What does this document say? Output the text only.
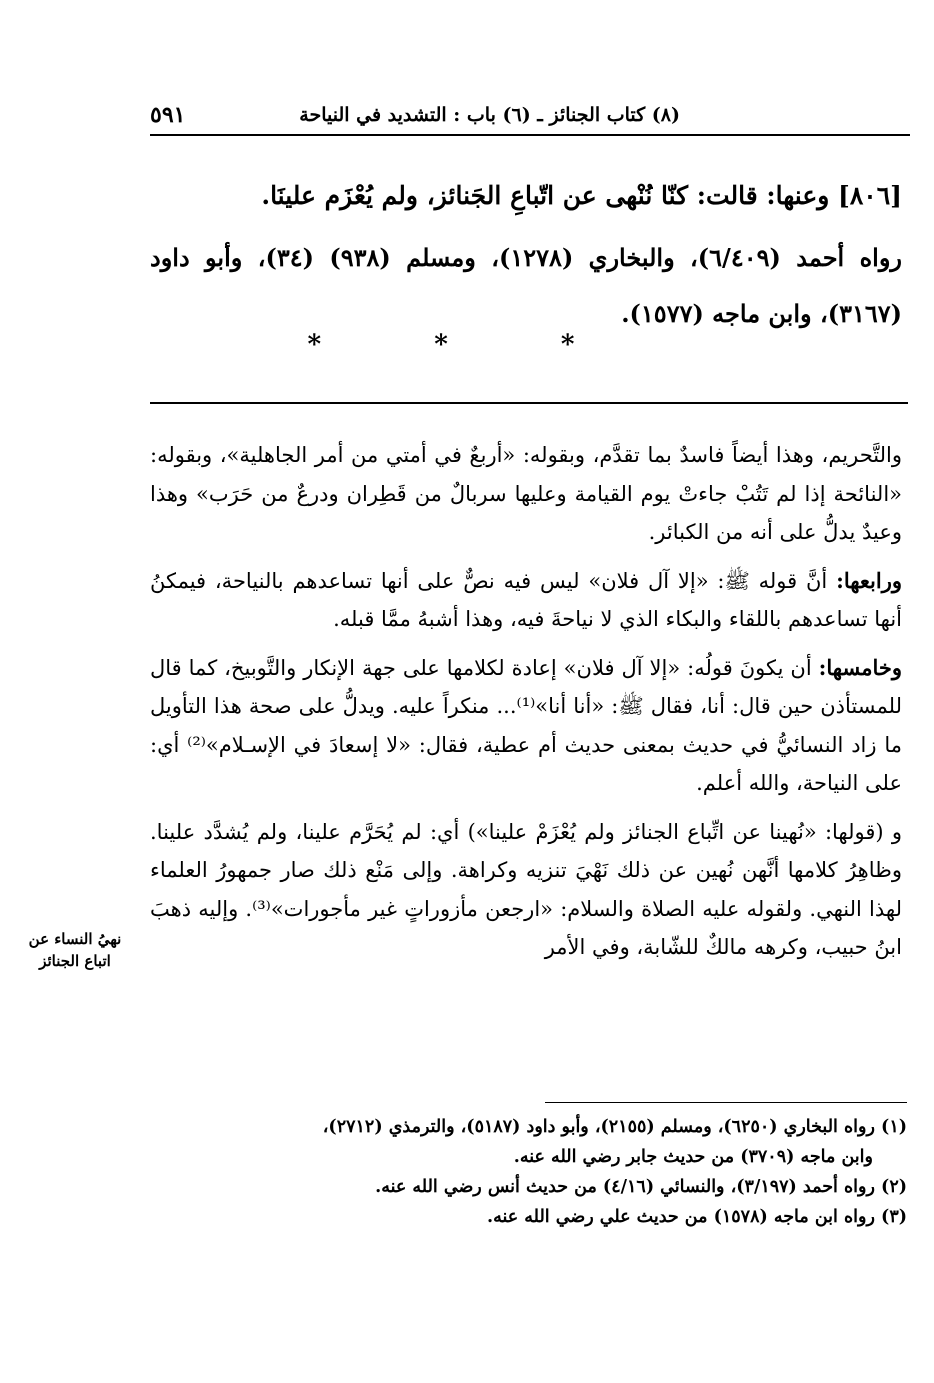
(٨) كتاب الجنائز ـ (٦) باب : التشديد في النياحة
٥٩١

[٨٠٦] وعنها: قالت: كنّا نُنْهى عن اتّباعِ الجَنائز، ولم يُعْزَم علينَا.

رواه أحمد (٦/٤٠٩)، والبخاري (١٢٧٨)، ومسلم (٩٣٨) (٣٤)، وأبو داود (٣١٦٧)، وابن ماجه (١٥٧٧).

* * *

والتَّحريم، وهذا أيضاً فاسدٌ بما تقدَّم، وبقوله: «أربعٌ في أمتي من أمر الجاهلية»، وبقوله: «النائحة إذا لم تَتُبْ جاءتْ يوم القيامة وعليها سربالٌ من قَطِران ودرعٌ من حَرَب» وهذا وعيدٌ يدلُّ على أنه من الكبائر.

ورابعها: أنَّ قوله ﷺ: «إلا آل فلان» ليس فيه نصٌّ على أنها تساعدهم بالنياحة، فيمكنُ أنها تساعدهم باللقاء والبكاء الذي لا نياحةَ فيه، وهذا أشبهُ ممَّا قبله.

وخامسها: أن يكونَ قولُه: «إلا آل فلان» إعادة لكلامها على جهة الإنكار والتَّوبيخ، كما قال للمستأذن حين قال: أنا، فقال ﷺ: «أنا أنا»⁽¹⁾... منكراً عليه. ويدلُّ على صحة هذا التأويل ما زاد النسائيُّ في حديث بمعنى حديث أم عطية، فقال: «لا إسعادَ في الإسـلام»⁽²⁾ أي: على النياحة، والله أعلم.

و (قولها: «نُهينا عن اتِّباع الجنائز ولم يُعْزَمْ علينا») أي: لم يُحَرَّم علينا، ولم يُشدَّد علينا. وظاهِرُ كلامها أنَّهن نُهين عن ذلك نَهْيَ تنزيه وكراهة. وإلى مَنْع ذلك صار جمهورُ العلماء لهذا النهي. ولقوله عليه الصلاة والسلام: «ارجعن مأزوراتٍ غير مأجورات»⁽³⁾. وإليه ذهبَ ابنُ حبيب، وكرهه مالكٌ للشّابة، وفي الأمر

نهيُ النساء عن اتباع الجنائز

(١) رواه البخاري (٦٢٥٠)، ومسلم (٢١٥٥)، وأبو داود (٥١٨٧)، والترمذي (٢٧١٢)،

وابن ماجه (٣٧٠٩) من حديث جابر رضي الله عنه.

(٢) رواه أحمد (٣/١٩٧)، والنسائي (٤/١٦) من حديث أنس رضي الله عنه.

(٣) رواه ابن ماجه (١٥٧٨) من حديث علي رضي الله عنه.
